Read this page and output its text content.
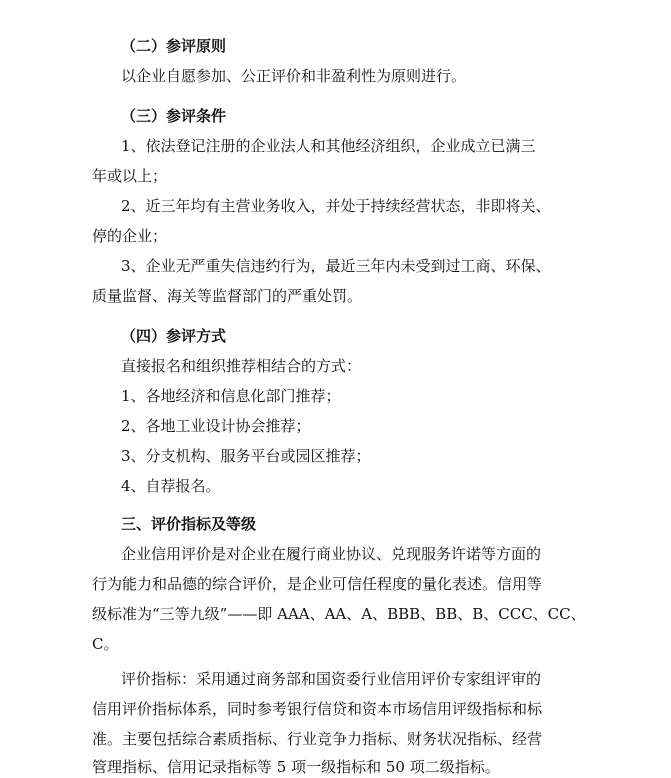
（二）参评原则

以企业自愿参加、公正评价和非盈利性为原则进行。

（三）参评条件

1、依法登记注册的企业法人和其他经济组织，企业成立已满三

年或以上；

2、近三年均有主营业务收入，并处于持续经营状态，非即将关、

停的企业；

3、企业无严重失信违约行为，最近三年内未受到过工商、环保、

质量监督、海关等监督部门的严重处罚。

（四）参评方式

直接报名和组织推荐相结合的方式：

1、各地经济和信息化部门推荐；

2、各地工业设计协会推荐；

3、分支机构、服务平台或园区推荐；

4、自荐报名。

三、评价指标及等级

企业信用评价是对企业在履行商业协议、兑现服务许诺等方面的

行为能力和品德的综合评价，是企业可信任程度的量化表述。信用等

级标准为“三等九级”——即 AAA、AA、A、BBB、BB、B、CCC、CC、

C。

评价指标：采用通过商务部和国资委行业信用评价专家组评审的

信用评价指标体系，同时参考银行信贷和资本市场信用评级指标和标

准。主要包括综合素质指标、行业竞争力指标、财务状况指标、经营

管理指标、信用记录指标等 5 项一级指标和 50 项二级指标。
